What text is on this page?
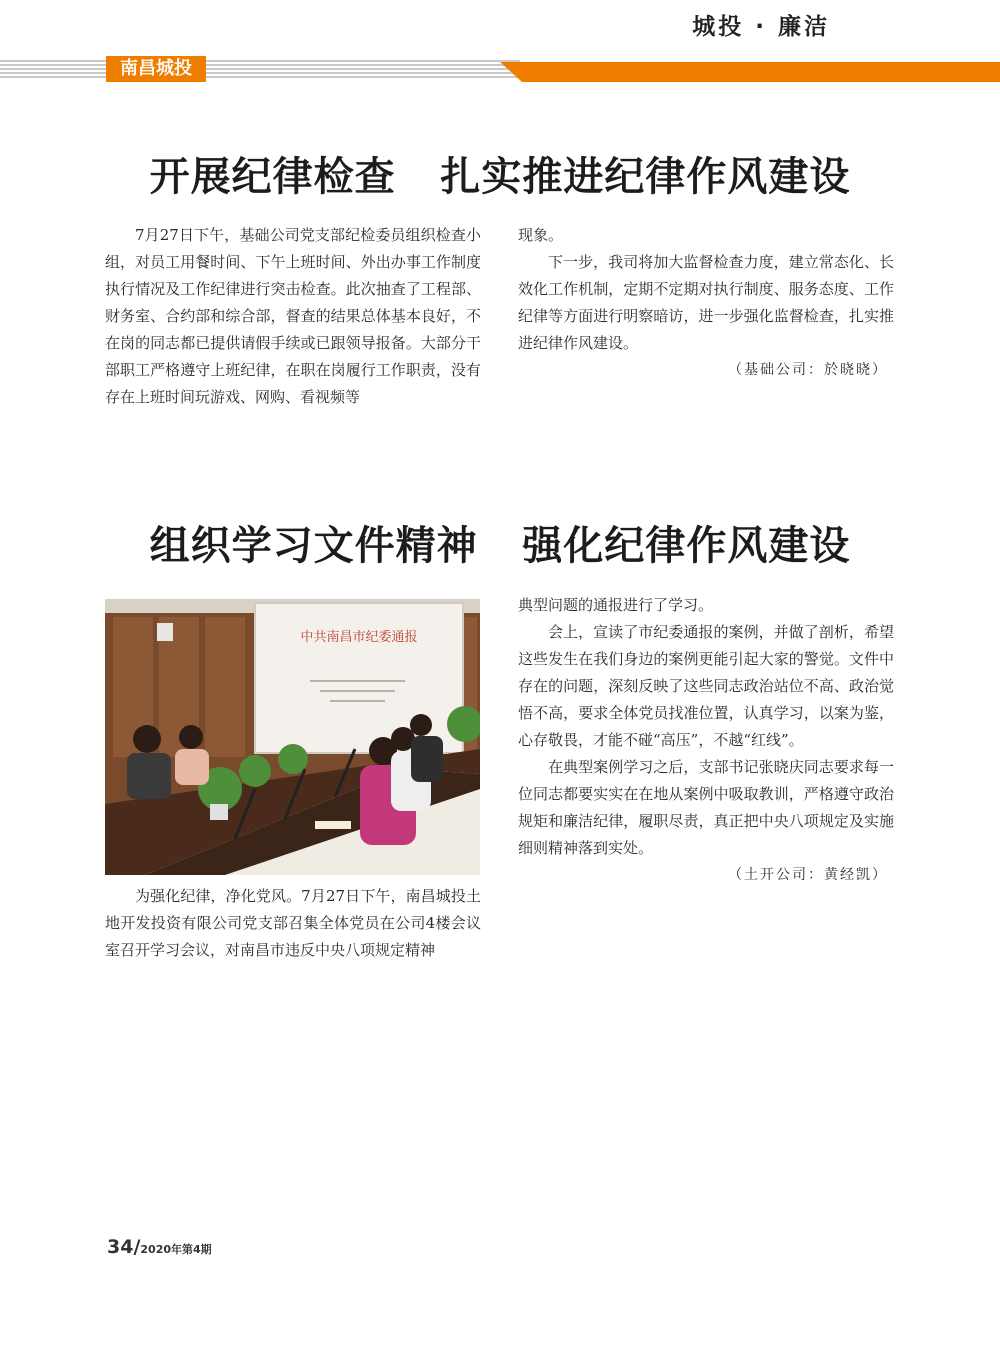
城投 · 廉洁
南昌城投
开展纪律检查   扎实推进纪律作风建设

7月27日下午，基础公司党支部纪检委员组织检查小组，对员工用餐时间、下午上班时间、外出办事工作制度执行情况及工作纪律进行突击检查。此次抽查了工程部、财务室、合约部和综合部，督查的结果总体基本良好，不在岗的同志都已提供请假手续或已跟领导报备。大部分干部职工严格遵守上班纪律，在职在岗履行工作职责，没有存在上班时间玩游戏、网购、看视频等

现象。

下一步，我司将加大监督检查力度，建立常态化、长效化工作机制，定期不定期对执行制度、服务态度、工作纪律等方面进行明察暗访，进一步强化监督检查，扎实推进纪律作风建设。

（基础公司：於晓晓）

组织学习文件精神   强化纪律作风建设
中共南昌市纪委通报

为强化纪律，净化党风。7月27日下午，南昌城投土地开发投资有限公司党支部召集全体党员在公司4楼会议室召开学习会议，对南昌市违反中央八项规定精神

典型问题的通报进行了学习。

会上，宣读了市纪委通报的案例，并做了剖析，希望这些发生在我们身边的案例更能引起大家的警觉。文件中存在的问题，深刻反映了这些同志政治站位不高、政治觉悟不高，要求全体党员找准位置，认真学习，以案为鉴，心存敬畏，才能不碰“高压”，不越“红线”。

在典型案例学习之后，支部书记张晓庆同志要求每一位同志都要实实在在地从案例中吸取教训，严格遵守政治规矩和廉洁纪律，履职尽责，真正把中央八项规定及实施细则精神落到实处。

（土开公司：黄经凯）

34/2020年第4期
